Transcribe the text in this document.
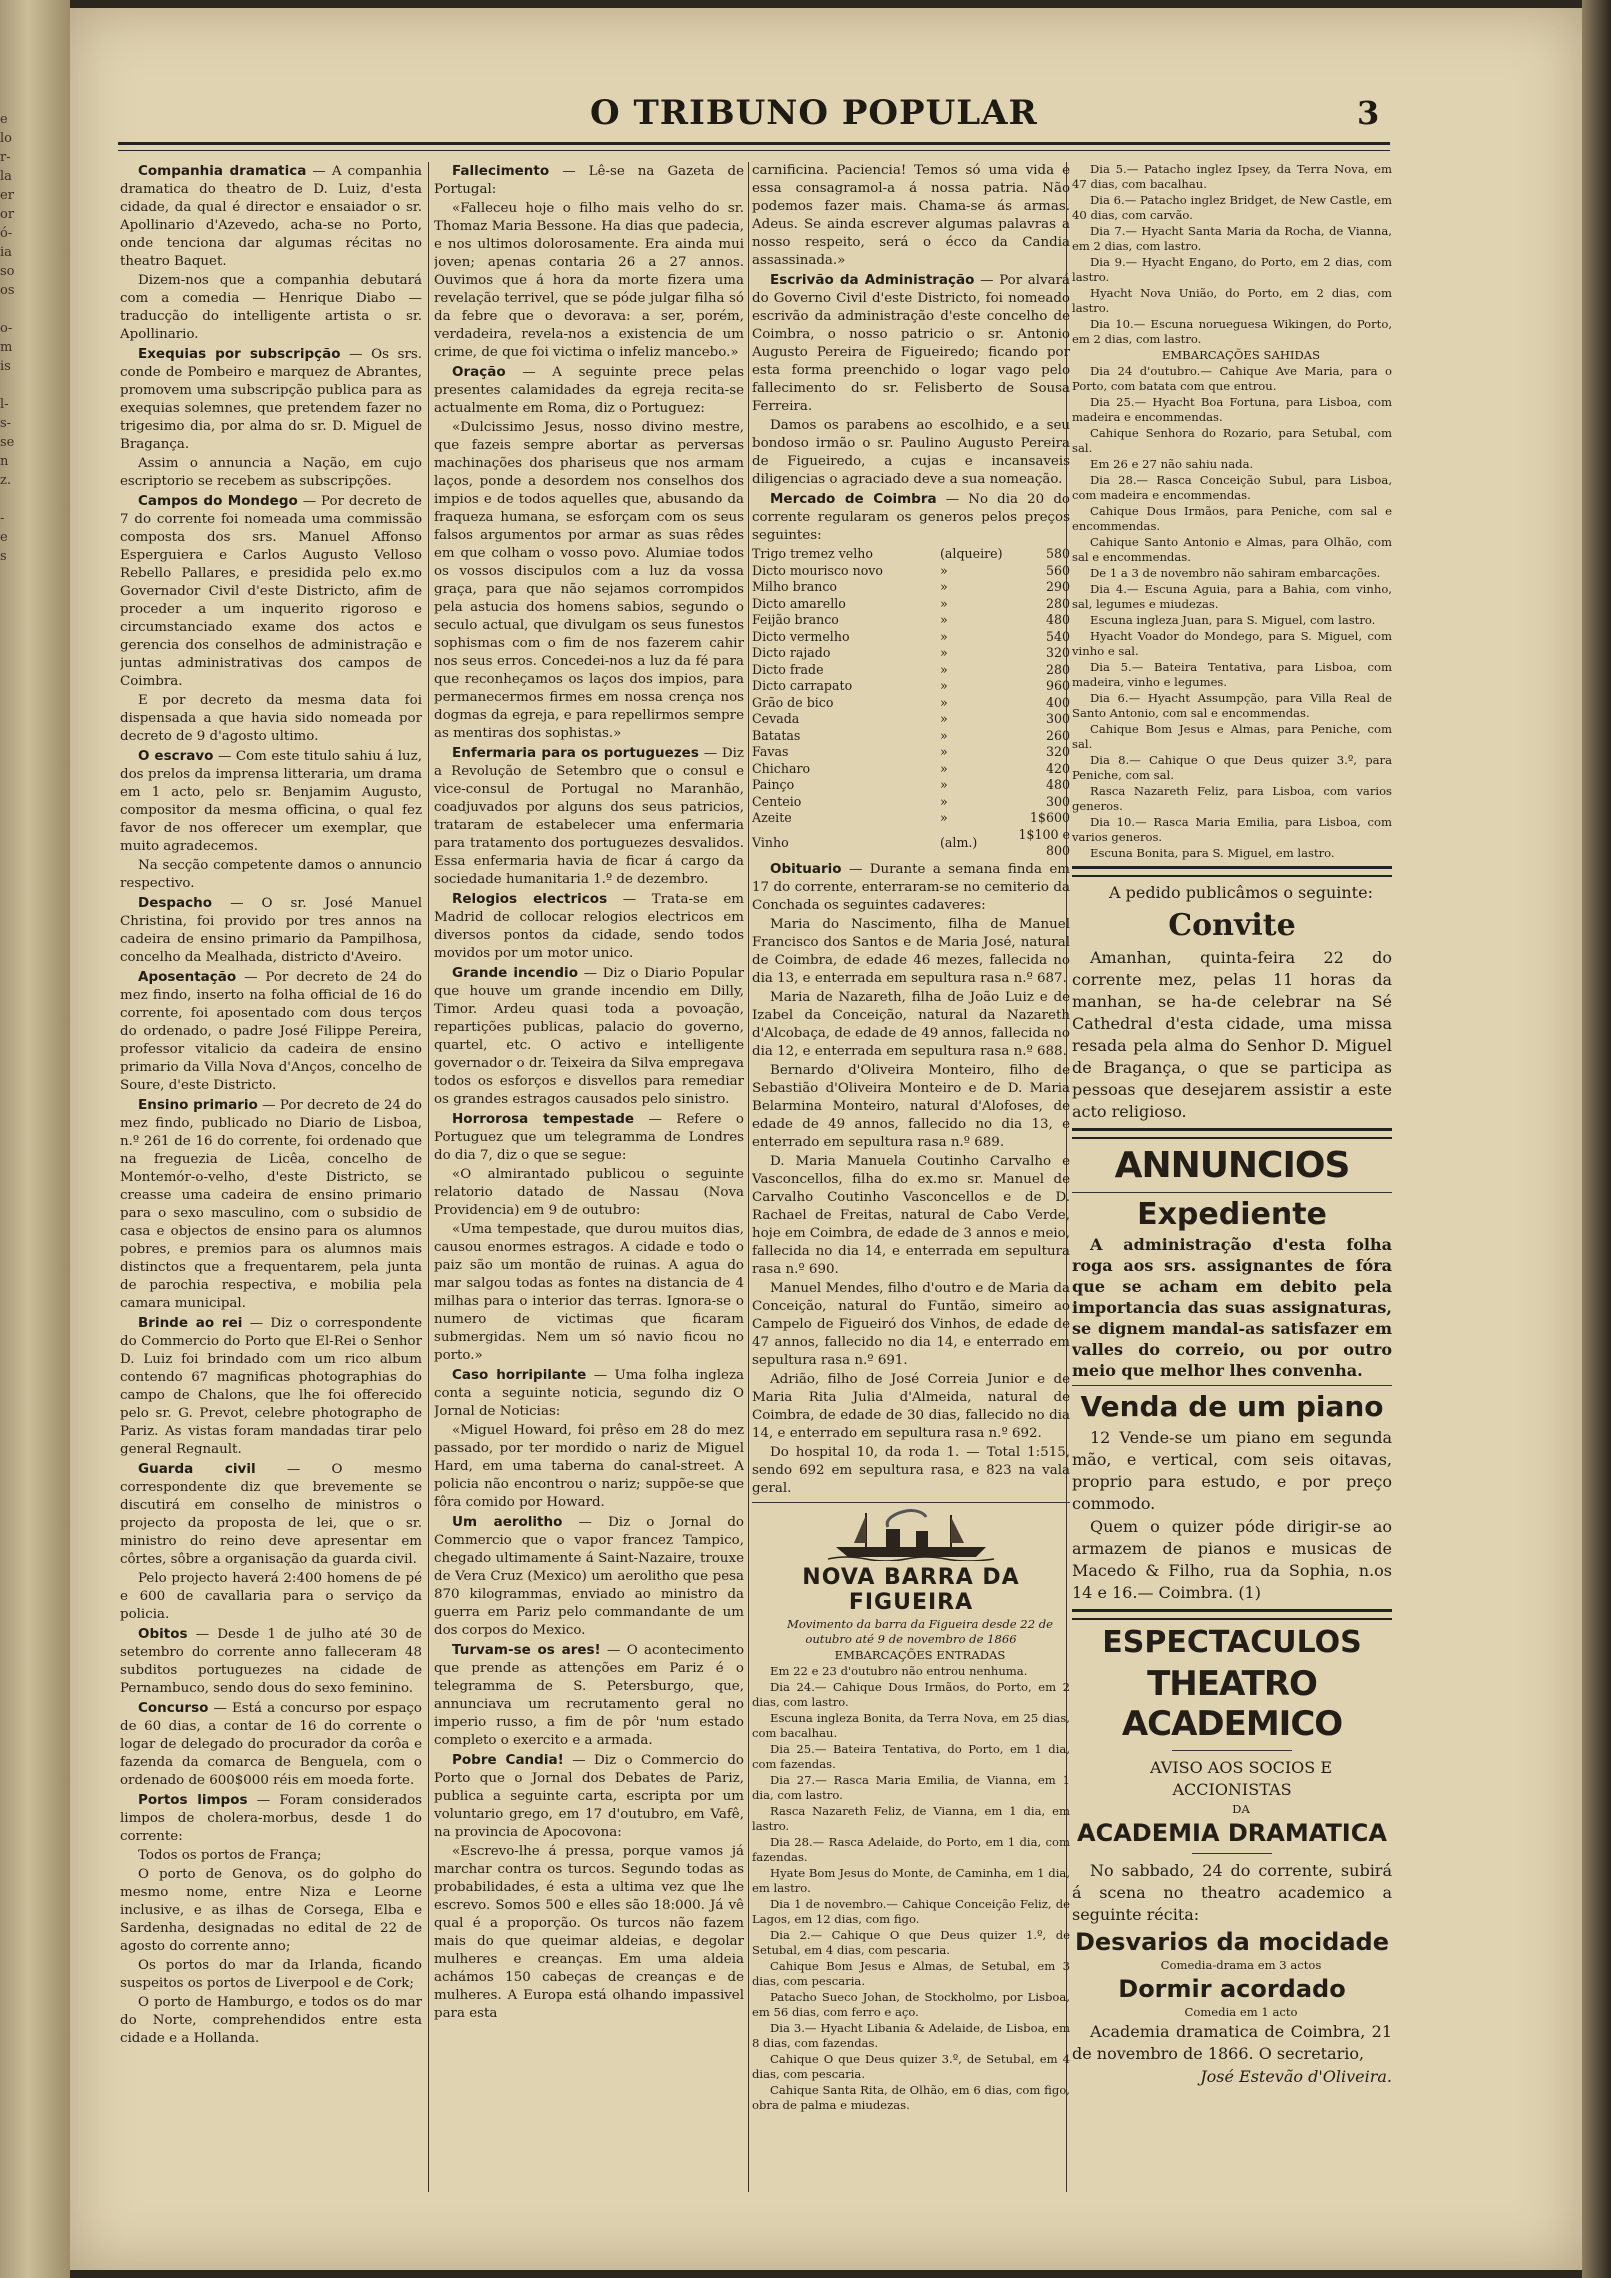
e
lo
r-
la
er
or
ó-
ia
so
os

o-
m
is

l-
s-
se
n
z.

-
e
s
O TRIBUNO POPULAR	3

Companhia dramatica — A companhia dramatica do theatro de D. Luiz, d'esta cidade, da qual é director e ensaiador o sr. Apollinario d'Azevedo, acha-se no Porto, onde tenciona dar algumas récitas no theatro Baquet.

Dizem-nos que a companhia debutará com a comedia — Henrique Diabo — traducção do intelligente artista o sr. Apollinario.

Exequias por subscripção — Os srs. conde de Pombeiro e marquez de Abrantes, promovem uma subscripção publica para as exequias solemnes, que pretendem fazer no trigesimo dia, por alma do sr. D. Miguel de Bragança.

Assim o annuncia a Nação, em cujo escriptorio se recebem as subscripções.

Campos do Mondego — Por decreto de 7 do corrente foi nomeada uma commissão composta dos srs. Manuel Affonso Esperguiera e Carlos Augusto Velloso Rebello Pallares, e presidida pelo ex.mo Governador Civil d'este Districto, afim de proceder a um inquerito rigoroso e circumstanciado exame dos actos e gerencia dos conselhos de administração e juntas administrativas dos campos de Coimbra.

E por decreto da mesma data foi dispensada a que havia sido nomeada por decreto de 9 d'agosto ultimo.

O escravo — Com este titulo sahiu á luz, dos prelos da imprensa litteraria, um drama em 1 acto, pelo sr. Benjamim Augusto, compositor da mesma officina, o qual fez favor de nos offerecer um exemplar, que muito agradecemos.

Na secção competente damos o annuncio respectivo.

Despacho — O sr. José Manuel Christina, foi provido por tres annos na cadeira de ensino primario da Pampilhosa, concelho da Mealhada, districto d'Aveiro.

Aposentação — Por decreto de 24 do mez findo, inserto na folha official de 16 do corrente, foi aposentado com dous terços do ordenado, o padre José Filippe Pereira, professor vitalicio da cadeira de ensino primario da Villa Nova d'Anços, concelho de Soure, d'este Districto.

Ensino primario — Por decreto de 24 do mez findo, publicado no Diario de Lisboa, n.º 261 de 16 do corrente, foi ordenado que na freguezia de Licêa, concelho de Montemór-o-velho, d'este Districto, se creasse uma cadeira de ensino primario para o sexo masculino, com o subsidio de casa e objectos de ensino para os alumnos pobres, e premios para os alumnos mais distinctos que a frequentarem, pela junta de parochia respectiva, e mobilia pela camara municipal.

Brinde ao rei — Diz o correspondente do Commercio do Porto que El-Rei o Senhor D. Luiz foi brindado com um rico album contendo 67 magnificas photographias do campo de Chalons, que lhe foi offerecido pelo sr. G. Prevot, celebre photographo de Pariz. As vistas foram mandadas tirar pelo general Regnault.

Guarda civil — O mesmo correspondente diz que brevemente se discutirá em conselho de ministros o projecto da proposta de lei, que o sr. ministro do reino deve apresentar em côrtes, sôbre a organisação da guarda civil.

Pelo projecto haverá 2:400 homens de pé e 600 de cavallaria para o serviço da policia.

Obitos — Desde 1 de julho até 30 de setembro do corrente anno falleceram 48 subditos portuguezes na cidade de Pernambuco, sendo dous do sexo feminino.

Concurso — Está a concurso por espaço de 60 dias, a contar de 16 do corrente o logar de delegado do procurador da corôa e fazenda da comarca de Benguela, com o ordenado de 600$000 réis em moeda forte.

Portos limpos — Foram considerados limpos de cholera-morbus, desde 1 do corrente:

Todos os portos de França;

O porto de Genova, os do golpho do mesmo nome, entre Niza e Leorne inclusive, e as ilhas de Corsega, Elba e Sardenha, designadas no edital de 22 de agosto do corrente anno;

Os portos do mar da Irlanda, ficando suspeitos os portos de Liverpool e de Cork;

O porto de Hamburgo, e todos os do mar do Norte, comprehendidos entre esta cidade e a Hollanda.

Fallecimento — Lê-se na Gazeta de Portugal:

«Falleceu hoje o filho mais velho do sr. Thomaz Maria Bessone. Ha dias que padecia, e nos ultimos dolorosamente. Era ainda mui joven; apenas contaria 26 a 27 annos. Ouvimos que á hora da morte fizera uma revelação terrivel, que se póde julgar filha só da febre que o devorava: a ser, porém, verdadeira, revela-nos a existencia de um crime, de que foi victima o infeliz mancebo.»

Oração — A seguinte prece pelas presentes calamidades da egreja recita-se actualmente em Roma, diz o Portuguez:

«Dulcissimo Jesus, nosso divino mestre, que fazeis sempre abortar as perversas machinações dos phariseus que nos armam laços, ponde a desordem nos conselhos dos impios e de todos aquelles que, abusando da fraqueza humana, se esforçam com os seus falsos argumentos por armar as suas rêdes em que colham o vosso povo. Alumiae todos os vossos discipulos com a luz da vossa graça, para que não sejamos corrompidos pela astucia dos homens sabios, segundo o seculo actual, que divulgam os seus funestos sophismas com o fim de nos fazerem cahir nos seus erros. Concedei-nos a luz da fé para que reconheçamos os laços dos impios, para permanecermos firmes em nossa crença nos dogmas da egreja, e para repellirmos sempre as mentiras dos sophistas.»

Enfermaria para os portuguezes — Diz a Revolução de Setembro que o consul e vice-consul de Portugal no Maranhão, coadjuvados por alguns dos seus patricios, trataram de estabelecer uma enfermaria para tratamento dos portuguezes desvalidos. Essa enfermaria havia de ficar á cargo da sociedade humanitaria 1.º de dezembro.

Relogios electricos — Trata-se em Madrid de collocar relogios electricos em diversos pontos da cidade, sendo todos movidos por um motor unico.

Grande incendio — Diz o Diario Popular que houve um grande incendio em Dilly, Timor. Ardeu quasi toda a povoação, repartições publicas, palacio do governo, quartel, etc. O activo e intelligente governador o dr. Teixeira da Silva empregava todos os esforços e disvellos para remediar os grandes estragos causados pelo sinistro.

Horrorosa tempestade — Refere o Portuguez que um telegramma de Londres do dia 7, diz o que se segue:

«O almirantado publicou o seguinte relatorio datado de Nassau (Nova Providencia) em 9 de outubro:

«Uma tempestade, que durou muitos dias, causou enormes estragos. A cidade e todo o paiz são um montão de ruinas. A agua do mar salgou todas as fontes na distancia de 4 milhas para o interior das terras. Ignora-se o numero de victimas que ficaram submergidas. Nem um só navio ficou no porto.»

Caso horripilante — Uma folha ingleza conta a seguinte noticia, segundo diz O Jornal de Noticias:

«Miguel Howard, foi prêso em 28 do mez passado, por ter mordido o nariz de Miguel Hard, em uma taberna do canal-street. A policia não encontrou o nariz; suppõe-se que fôra comido por Howard.

Um aerolitho — Diz o Jornal do Commercio que o vapor francez Tampico, chegado ultimamente á Saint-Nazaire, trouxe de Vera Cruz (Mexico) um aerolitho que pesa 870 kilogrammas, enviado ao ministro da guerra em Pariz pelo commandante de um dos corpos do Mexico.

Turvam-se os ares! — O acontecimento que prende as attenções em Pariz é o telegramma de S. Petersburgo, que, annunciava um recrutamento geral no imperio russo, a fim de pôr 'num estado completo o exercito e a armada.

Pobre Candia! — Diz o Commercio do Porto que o Jornal dos Debates de Pariz, publica a seguinte carta, escripta por um voluntario grego, em 17 d'outubro, em Vafê, na provincia de Apocovona:

«Escrevo-lhe á pressa, porque vamos já marchar contra os turcos. Segundo todas as probabilidades, é esta a ultima vez que lhe escrevo. Somos 500 e elles são 18:000. Já vê qual é a proporção. Os turcos não fazem mais do que queimar aldeias, e degolar mulheres e creanças. Em uma aldeia achámos 150 cabeças de creanças e de mulheres. A Europa está olhando impassivel para esta

carnificina. Paciencia! Temos só uma vida e essa consagramol-a á nossa patria. Não podemos fazer mais. Chama-se ás armas. Adeus. Se ainda escrever algumas palavras a nosso respeito, será o écco da Candia assassinada.»

Escrivão da Administração — Por alvará do Governo Civil d'este Districto, foi nomeado escrivão da administração d'este concelho de Coimbra, o nosso patricio o sr. Antonio Augusto Pereira de Figueiredo; ficando por esta forma preenchido o logar vago pelo fallecimento do sr. Felisberto de Sousa Ferreira.

Damos os parabens ao escolhido, e a seu bondoso irmão o sr. Paulino Augusto Pereira de Figueiredo, a cujas e incansaveis diligencias o agraciado deve a sua nomeação.

Mercado de Coimbra — No dia 20 do corrente regularam os generos pelos preços seguintes:

Trigo tremez velho	(alqueire)	580
Dicto mourisco novo	»	560
Milho branco	»	290
Dicto amarello	»	280
Feijão branco	»	480
Dicto vermelho	»	540
Dicto rajado	»	320
Dicto frade	»	280
Dicto carrapato	»	960
Grão de bico	»	400
Cevada	»	300
Batatas	»	260
Favas	»	320
Chicharo	»	420
Painço	»	480
Centeio	»	300
Azeite	»	1$600
Vinho	(alm.)	1$100 e 800

Obituario — Durante a semana finda em 17 do corrente, enterraram-se no cemiterio da Conchada os seguintes cadaveres:

Maria do Nascimento, filha de Manuel Francisco dos Santos e de Maria José, natural de Coimbra, de edade 46 mezes, fallecida no dia 13, e enterrada em sepultura rasa n.º 687.

Maria de Nazareth, filha de João Luiz e de Izabel da Conceição, natural da Nazareth d'Alcobaça, de edade de 49 annos, fallecida no dia 12, e enterrada em sepultura rasa n.º 688.

Bernardo d'Oliveira Monteiro, filho de Sebastião d'Oliveira Monteiro e de D. Maria Belarmina Monteiro, natural d'Alofoses, de edade de 49 annos, fallecido no dia 13, e enterrado em sepultura rasa n.º 689.

D. Maria Manuela Coutinho Carvalho e Vasconcellos, filha do ex.mo sr. Manuel de Carvalho Coutinho Vasconcellos e de D. Rachael de Freitas, natural de Cabo Verde, hoje em Coimbra, de edade de 3 annos e meio, fallecida no dia 14, e enterrada em sepultura rasa n.º 690.

Manuel Mendes, filho d'outro e de Maria da Conceição, natural do Funtão, simeiro ao Campelo de Figueiró dos Vinhos, de edade de 47 annos, fallecido no dia 14, e enterrado em sepultura rasa n.º 691.

Adrião, filho de José Correia Junior e de Maria Rita Julia d'Almeida, natural de Coimbra, de edade de 30 dias, fallecido no dia 14, e enterrado em sepultura rasa n.º 692.

Do hospital 10, da roda 1. — Total 1:515, sendo 692 em sepultura rasa, e 823 na vala geral.

NOVA BARRA DA FIGUEIRA

Movimento da barra da Figueira desde 22 de outubro até 9 de novembro de 1866

EMBARCAÇÕES ENTRADAS

Em 22 e 23 d'outubro não entrou nenhuma.

Dia 24.— Cahique Dous Irmãos, do Porto, em 2 dias, com lastro.

Escuna ingleza Bonita, da Terra Nova, em 25 dias, com bacalhau.

Dia 25.— Bateira Tentativa, do Porto, em 1 dia, com fazendas.

Dia 27.— Rasca Maria Emilia, de Vianna, em 1 dia, com lastro.

Rasca Nazareth Feliz, de Vianna, em 1 dia, em lastro.

Dia 28.— Rasca Adelaide, do Porto, em 1 dia, com fazendas.

Hyate Bom Jesus do Monte, de Caminha, em 1 dia, em lastro.

Dia 1 de novembro.— Cahique Conceição Feliz, de Lagos, em 12 dias, com figo.

Dia 2.— Cahique O que Deus quizer 1.º, de Setubal, em 4 dias, com pescaria.

Cahique Bom Jesus e Almas, de Setubal, em 3 dias, com pescaria.

Patacho Sueco Johan, de Stockholmo, por Lisboa, em 56 dias, com ferro e aço.

Dia 3.— Hyacht Libania & Adelaide, de Lisboa, em 8 dias, com fazendas.

Cahique O que Deus quizer 3.º, de Setubal, em 4 dias, com pescaria.

Cahique Santa Rita, de Olhão, em 6 dias, com figo, obra de palma e miudezas.

Dia 5.— Patacho inglez Ipsey, da Terra Nova, em 47 dias, com bacalhau.

Dia 6.— Patacho inglez Bridget, de New Castle, em 40 dias, com carvão.

Dia 7.— Hyacht Santa Maria da Rocha, de Vianna, em 2 dias, com lastro.

Dia 9.— Hyacht Engano, do Porto, em 2 dias, com lastro.

Hyacht Nova União, do Porto, em 2 dias, com lastro.

Dia 10.— Escuna norueguesa Wikingen, do Porto, em 2 dias, com lastro.

EMBARCAÇÕES SAHIDAS

Dia 24 d'outubro.— Cahique Ave Maria, para o Porto, com batata com que entrou.

Dia 25.— Hyacht Boa Fortuna, para Lisboa, com madeira e encommendas.

Cahique Senhora do Rozario, para Setubal, com sal.

Em 26 e 27 não sahiu nada.

Dia 28.— Rasca Conceição Subul, para Lisboa, com madeira e encommendas.

Cahique Dous Irmãos, para Peniche, com sal e encommendas.

Cahique Santo Antonio e Almas, para Olhão, com sal e encommendas.

De 1 a 3 de novembro não sahiram embarcações.

Dia 4.— Escuna Aguia, para a Bahia, com vinho, sal, legumes e miudezas.

Escuna ingleza Juan, para S. Miguel, com lastro.

Hyacht Voador do Mondego, para S. Miguel, com vinho e sal.

Dia 5.— Bateira Tentativa, para Lisboa, com madeira, vinho e legumes.

Dia 6.— Hyacht Assumpção, para Villa Real de Santo Antonio, com sal e encommendas.

Cahique Bom Jesus e Almas, para Peniche, com sal.

Dia 8.— Cahique O que Deus quizer 3.º, para Peniche, com sal.

Rasca Nazareth Feliz, para Lisboa, com varios generos.

Dia 10.— Rasca Maria Emilia, para Lisboa, com varios generos.

Escuna Bonita, para S. Miguel, em lastro.

A pedido publicâmos o seguinte:

Convite

Amanhan, quinta-feira 22 do corrente mez, pelas 11 horas da manhan, se ha-de celebrar na Sé Cathedral d'esta cidade, uma missa resada pela alma do Senhor D. Miguel de Bragança, o que se participa as pessoas que desejarem assistir a este acto religioso.

ANNUNCIOS
Expediente

A administração d'esta folha roga aos srs. assignantes de fóra que se acham em debito pela importancia das suas assignaturas, se dignem mandal-as satisfazer em valles do correio, ou por outro meio que melhor lhes convenha.

Venda de um piano

12 Vende-se um piano em segunda mão, e vertical, com seis oitavas, proprio para estudo, e por preço commodo.

Quem o quizer póde dirigir-se ao armazem de pianos e musicas de Macedo & Filho, rua da Sophia, n.os 14 e 16.— Coimbra. (1)

ESPECTACULOS
THEATRO ACADEMICO

AVISO AOS SOCIOS E ACCIONISTAS

DA

ACADEMIA DRAMATICA

No sabbado, 24 do corrente, subirá á scena no theatro academico a seguinte récita:

Desvarios da mocidade

Comedia-drama em 3 actos

Dormir acordado

Comedia em 1 acto

Academia dramatica de Coimbra, 21 de novembro de 1866. O secretario,

José Estevão d'Oliveira.
